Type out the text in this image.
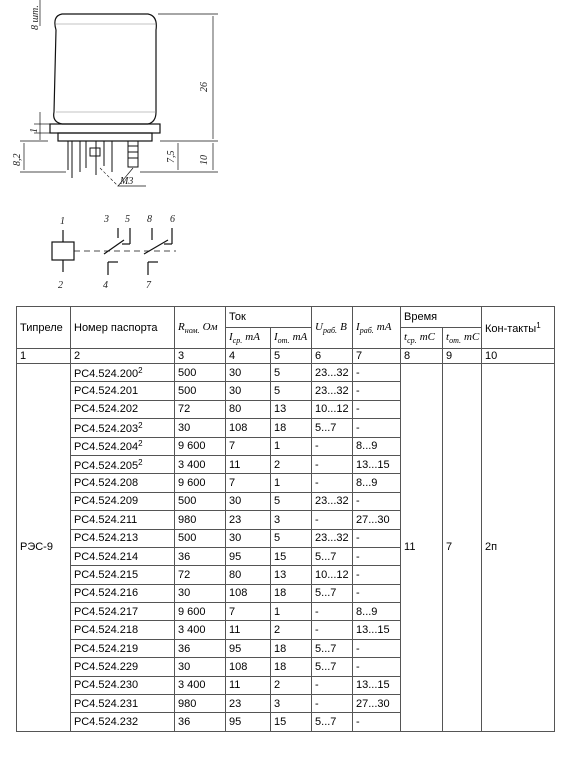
8 шт.
26
10
7,5
8,2
1
M3
1
2
3 5
4
8 6
7
Типреле	Номер паспорта	$R_{ном.}$ Ом	Ток		$U_{раб.}$ B	$I_{раб.}$ mA	Время		Кон-такты$^1$
			$I_{ср.}$ mA	$I_{от.}$ mA			$t_{ср.}$ mC	$t_{от.}$ mC	
1	2	3	4	5	6	7	8	9	10
РЭС-9	РС4.524.200$^2$	500	30	5	23...32	-	11	7	2п
	РС4.524.201	500	30	5	23...32	-			
	РС4.524.202	72	80	13	10...12	-			
	РС4.524.203$^2$	30	108	18	5...7	-			
	РС4.524.204$^2$	9 600	7	1	-	8...9			
	РС4.524.205$^2$	3 400	11	2	-	13...15			
	РС4.524.208	9 600	7	1	-	8...9			
	РС4.524.209	500	30	5	23...32	-			
	РС4.524.211	980	23	3	-	27...30			
	РС4.524.213	500	30	5	23...32	-			
	РС4.524.214	36	95	15	5...7	-			
	РС4.524.215	72	80	13	10...12	-			
	РС4.524.216	30	108	18	5...7	-			
	РС4.524.217	9 600	7	1	-	8...9			
	РС4.524.218	3 400	11	2	-	13...15			
	РС4.524.219	36	95	18	5...7	-			
	РС4.524.229	30	108	18	5...7	-			
	РС4.524.230	3 400	11	2	-	13...15			
	РС4.524.231	980	23	3	-	27...30			
	РС4.524.232	36	95	15	5...7	-			
